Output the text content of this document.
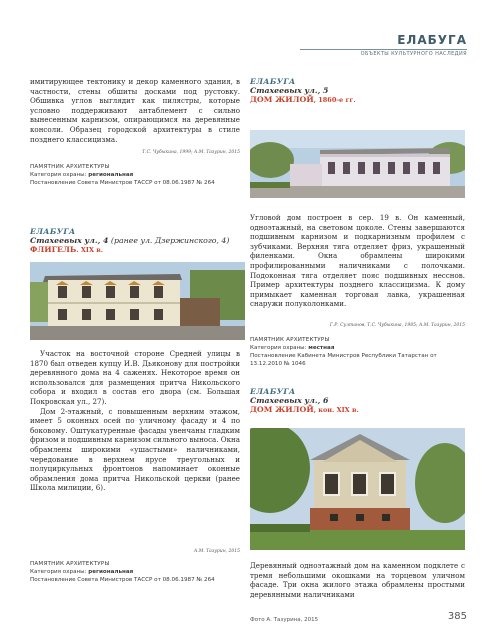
ЕЛАБУГА
ОБЪЕКТЫ КУЛЬТУРНОГО НАСЛЕДИЯ
имитирующее тектонику и декор каменного здания, в частности, стены обшиты досками под рустовку. Обшивка углов выглядит как пилястры, которые условно поддерживают антаблемент с сильно вынесенным карнизом, опирающимся на деревянные консоли. Образец городской архитектуры в стиле позднего классицизма.
Т.С. Чубыкина, 1999; А.М. Тазурин, 2015
ПАМЯТНИК АРХИТЕКТУРЫ
Категория охраны: региональная
Постановление Совета Министров ТАССР от 08.06.1987 № 264
ЕЛАБУГА
Стахеевых ул., 5
ДОМ ЖИЛОЙ, 1860-е гг.
ЕЛАБУГА
Стахеевых ул., 4 (ранее ул. Дзержинского, 4)
ФЛИГЕЛЬ. XIX в.
Угловой дом построен в сер. 19 в. Он каменный, одноэтажный, на световом цоколе. Стены завершаются подшивным карнизом и подкарнизным профилем с зубчиками. Верхняя тяга отделяет фриз, украшенный филенками. Окна обрамлены широкими профилированными наличниками с полочками. Подоконная тяга отделяет пояс подшивных несснов. Пример архитектуры позднего классицизма. К дому примыкает каменная торговая лавка, украшенная снаружи полуколонками.
Г.Р. Султанов, Т.С. Чубыкина, 1985; А.М. Тазурин, 2015
ПАМЯТНИК АРХИТЕКТУРЫ
Категория охраны: местная
Постановление Кабинета Министров Республики Татарстан от 13.12.2010 № 1046

Участок на восточной стороне Средней улицы в 1870 был отведен купцу И.В. Дьяконову для постройки деревянного дома на 4 саженях. Некоторое время он использовался для размещения притча Никольского собора и входил в состав его двора (см. Большая Покровская ул., 27).

Дом 2-этажный, с повышенным верхним этажом, имеет 5 оконных осей по уличному фасаду и 4 по боковому. Оштукатуренные фасады увенчаны гладким фризом и подшивным карнизом сильного выноса. Окна обрамлены широкими «ушастыми» наличниками, чередование в верхнем ярусе треугольных и полуциркульных фронтонов напоминает оконные обрамления дома притча Никольской церкви (ранее Школа милиции, 6).

А.М. Тазурин, 2015
ПАМЯТНИК АРХИТЕКТУРЫ
Категория охраны: региональная
Постановление Совета Министров ТАССР от 08.06.1987 № 264
ЕЛАБУГА
Стахеевых ул., 6
ДОМ ЖИЛОЙ, кон. XIX в.
Деревянный одноэтажный дом на каменном подклете с тремя небольшими окошками на торцевом уличном фасаде. Три окна жилого этажа обрамлены простыми деревянными наличниками
Фото А. Тазурина, 2015	385
